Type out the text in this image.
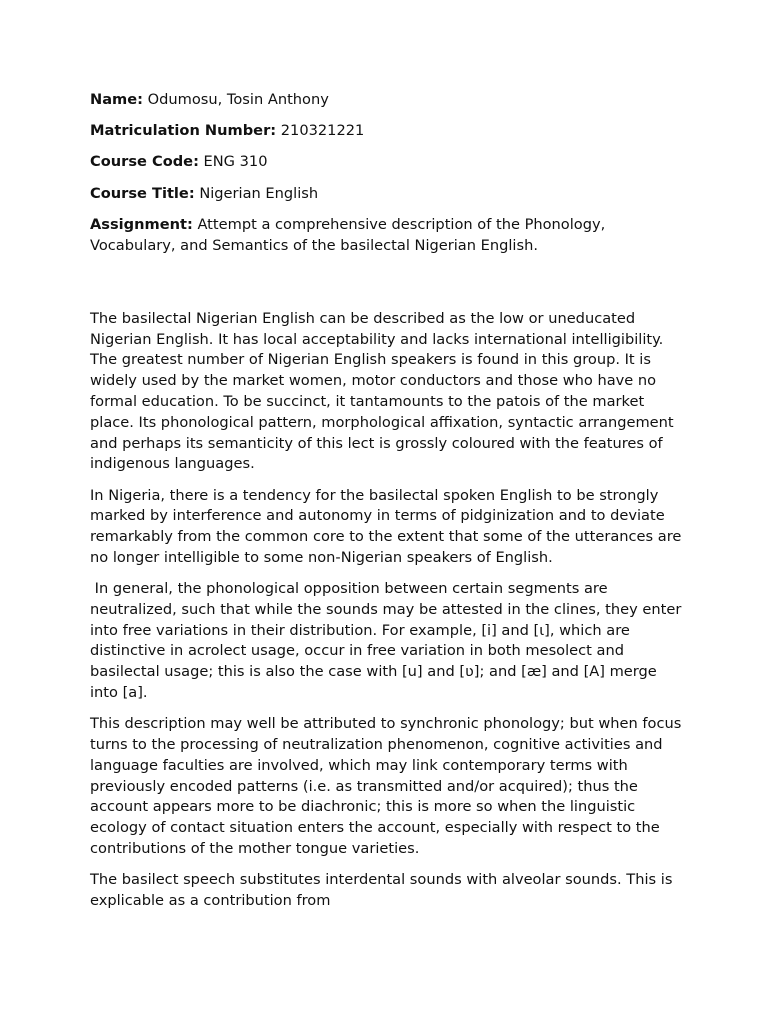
Name: Odumosu, Tosin Anthony
Matriculation Number: 210321221
Course Code: ENG 310
Course Title: Nigerian English
Assignment: Attempt a comprehensive description of the Phonology, Vocabulary, and Semantics of the basilectal Nigerian English.

The basilectal Nigerian English can be described as the low or uneducated Nigerian English. It has local acceptability and lacks international intelligibility. The greatest number of Nigerian English speakers is found in this group. It is widely used by the market women, motor conductors and those who have no formal education. To be succinct, it tantamounts to the patois of the market place. Its phonological pattern, morphological affixation, syntactic arrangement and perhaps its semanticity of this lect is grossly coloured with the features of indigenous languages.

In Nigeria, there is a tendency for the basilectal spoken English to be strongly marked by interference and autonomy in terms of pidginization and to deviate remarkably from the common core to the extent that some of the utterances are no longer intelligible to some non-Nigerian speakers of English.

In general, the phonological opposition between certain segments are neutralized, such that while the sounds may be attested in the clines, they enter into free variations in their distribution. For example, [i] and [ɩ], which are distinctive in acrolect usage, occur in free variation in both mesolect and basilectal usage; this is also the case with [u] and [ʋ]; and [æ] and [A] merge into [a].

This description may well be attributed to synchronic phonology; but when focus turns to the processing of neutralization phenomenon, cognitive activities and language faculties are involved, which may link contemporary terms with previously encoded patterns (i.e. as transmitted and/or acquired); thus the account appears more to be diachronic; this is more so when the linguistic ecology of contact situation enters the account, especially with respect to the contributions of the mother tongue varieties.

The basilect speech substitutes interdental sounds with alveolar sounds. This is explicable as a contribution from
